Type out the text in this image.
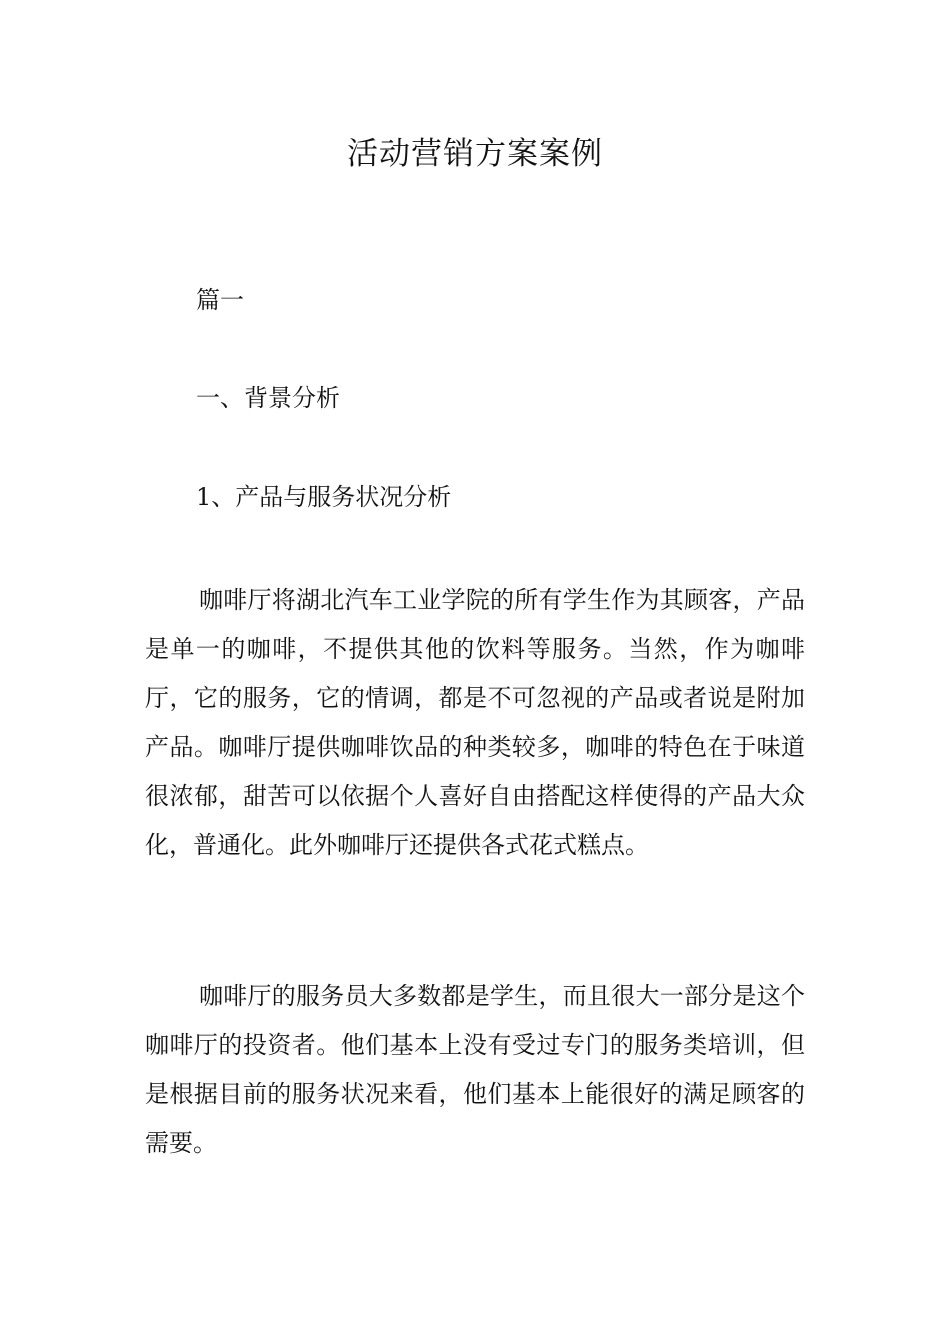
活动营销方案案例

篇一

一、背景分析

1、产品与服务状况分析

咖啡厅将湖北汽车工业学院的所有学生作为其顾客，产品是单一的咖啡，不提供其他的饮料等服务。当然，作为咖啡厅，它的服务，它的情调，都是不可忽视的产品或者说是附加产品。咖啡厅提供咖啡饮品的种类较多，咖啡的特色在于味道很浓郁，甜苦可以依据个人喜好自由搭配这样使得的产品大众化，普通化。此外咖啡厅还提供各式花式糕点。

咖啡厅的服务员大多数都是学生，而且很大一部分是这个咖啡厅的投资者。他们基本上没有受过专门的服务类培训，但是根据目前的服务状况来看，他们基本上能很好的满足顾客的需要。
